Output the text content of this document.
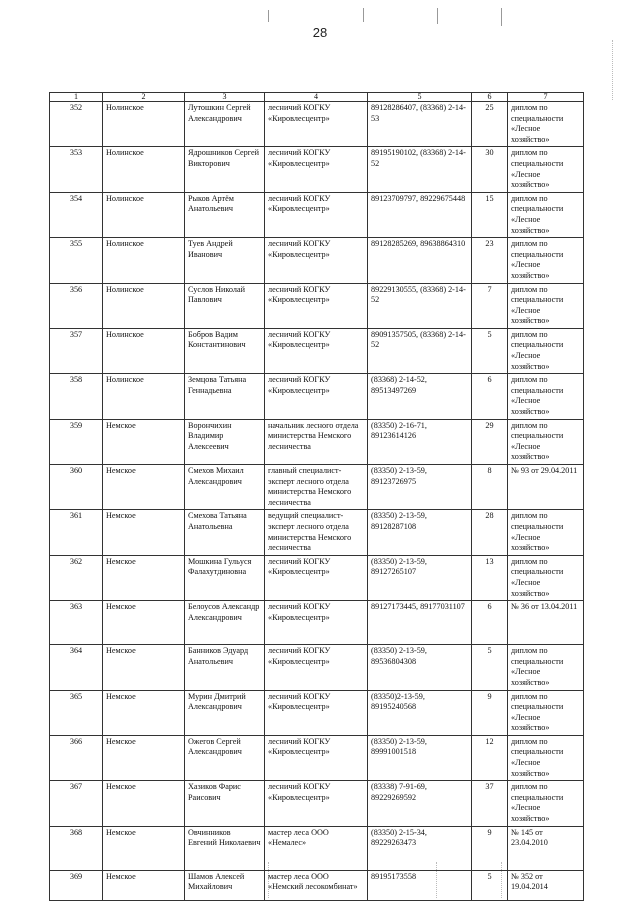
28
1	2	3	4	5	6	7
352	Нолинское	Лутошкин Сергей Александрович	лесничий КОГКУ «Кировлесцентр»	89128286407, (83368) 2-14-53	25	диплом по специальности «Лесное хозяйство»
353	Нолинское	Ядрошников Сергей Викторович	лесничий КОГКУ «Кировлесцентр»	89195190102, (83368) 2-14-52	30	диплом по специальности «Лесное хозяйство»
354	Нолинское	Рыков Артём Анатольевич	лесничий КОГКУ «Кировлесцентр»	89123709797, 89229675448	15	диплом по специальности «Лесное хозяйство»
355	Нолинское	Туев Андрей Иванович	лесничий КОГКУ «Кировлесцентр»	89128285269, 89638864310	23	диплом по специальности «Лесное хозяйство»
356	Нолинское	Суслов Николай Павлович	лесничий КОГКУ «Кировлесцентр»	89229130555, (83368) 2-14-52	7	диплом по специальности «Лесное хозяйство»
357	Нолинское	Бобров Вадим Константинович	лесничий КОГКУ «Кировлесцентр»	89091357505, (83368) 2-14-52	5	диплом по специальности «Лесное хозяйство»
358	Нолинское	Земцова Татьяна Геннадьевна	лесничий КОГКУ «Кировлесцентр»	(83368) 2-14-52, 89513497269	6	диплом по специальности «Лесное хозяйство»
359	Немское	Ворончихин Владимир Алексеевич	начальник лесного отдела министерства Немского лесничества	(83350) 2-16-71, 89123614126	29	диплом по специальности «Лесное хозяйство»
360	Немское	Смехов Михаил Александрович	главный специалист-эксперт лесного отдела министерства Немского лесничества	(83350) 2-13-59, 89123726975	8	№ 93 от 29.04.2011
361	Немское	Смехова Татьяна Анатольевна	ведущий специалист-эксперт лесного отдела министерства Немского лесничества	(83350) 2-13-59, 89128287108	28	диплом по специальности «Лесное хозяйство»
362	Немское	Мошкина Гульуся Фалахутдиновна	лесничий КОГКУ «Кировлесцентр»	(83350) 2-13-59, 89127265107	13	диплом по специальности «Лесное хозяйство»
363	Немское	Белоусов Александр Александрович	лесничий КОГКУ «Кировлесцентр»	89127173445, 89177031107	6	№ 36 от 13.04.2011
364	Немское	Банников Эдуард Анатольевич	лесничий КОГКУ «Кировлесцентр»	(83350) 2-13-59, 89536804308	5	диплом по специальности «Лесное хозяйство»
365	Немское	Мурин Дмитрий Александрович	лесничий КОГКУ «Кировлесцентр»	(83350)2-13-59, 89195240568	9	диплом по специальности «Лесное хозяйство»
366	Немское	Ожегов Сергей Александрович	лесничий КОГКУ «Кировлесцентр»	(83350) 2-13-59, 89991001518	12	диплом по специальности «Лесное хозяйство»
367	Немское	Хазиков Фарис Раисович	лесничий КОГКУ «Кировлесцентр»	(83338) 7-91-69, 89229269592	37	диплом по специальности «Лесное хозяйство»
368	Немское	Овчинников Евгений Николаевич	мастер леса ООО «Немалес»	(83350) 2-15-34, 89229263473	9	№ 145 от 23.04.2010
369	Немское	Шамов Алексей Михайлович	мастер леса ООО «Немский лесокомбинат»	89195173558	5	№ 352 от 19.04.2014
